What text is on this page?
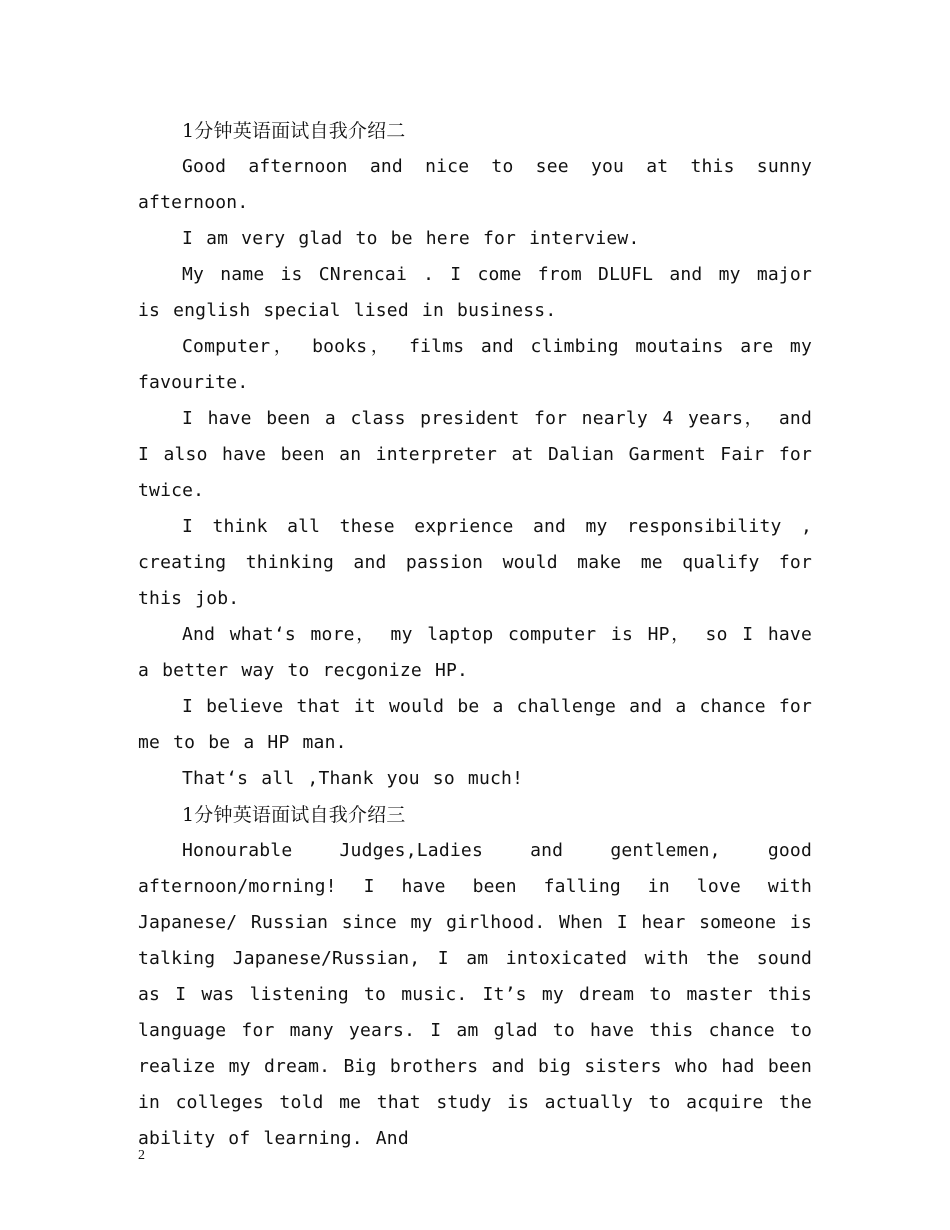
1分钟英语面试自我介绍二

Good afternoon and nice to see you at this sunny afternoon.

I am very glad to be here for interview.

My name is CNrencai . I come from DLUFL and my major is english special lised in business.

Computer， books， films and climbing moutains are my favourite.

I have been a class president for nearly 4 years， and I also have been an interpreter at Dalian Garment Fair for twice.

I think all these exprience and my responsibility , creating thinking and passion would make me qualify for this job.

And what‘s more， my laptop computer is HP， so I have a better way to recgonize HP.

I believe that it would be a challenge and a chance for me to be a HP man.

That‘s all ,Thank you so much!

1分钟英语面试自我介绍三

Honourable Judges,Ladies and gentlemen, good afternoon/morning! I have been falling in love with Japanese/ Russian since my girlhood. When I hear someone is talking Japanese/Russian, I am intoxicated with the sound as I was listening to music. It’s my dream to master this language for many years. I am glad to have this chance to realize my dream. Big brothers and big sisters who had been in colleges told me that study is actually to acquire the ability of learning. And

2
